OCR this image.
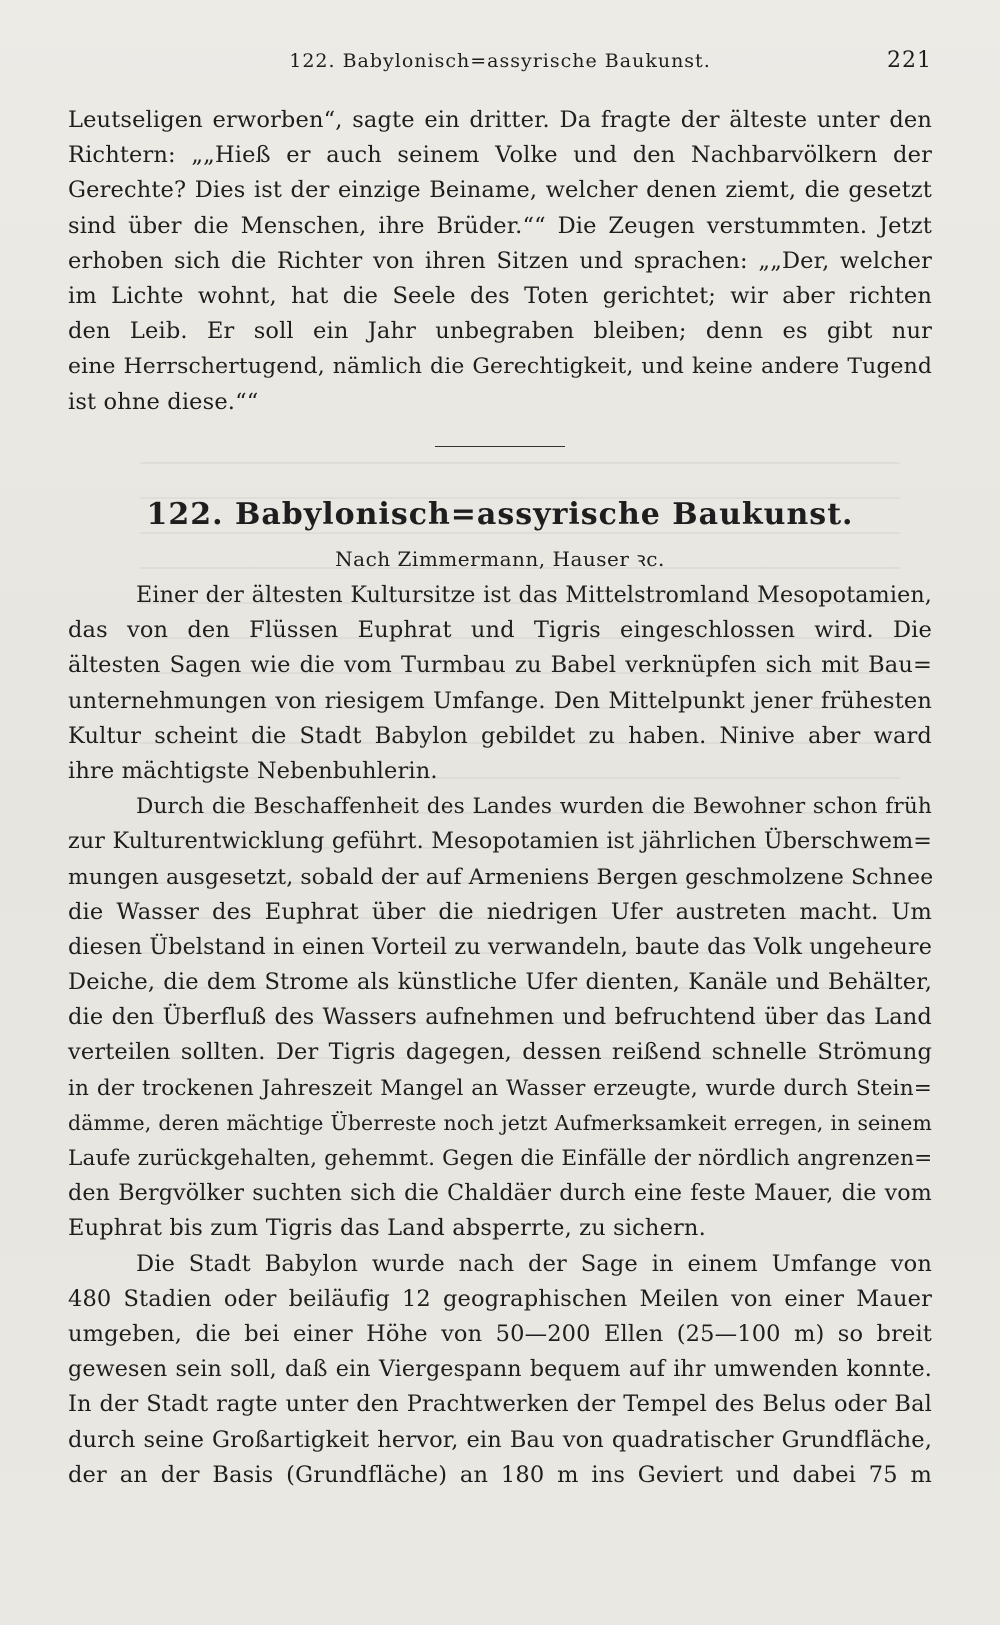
122. Babylonisch=assyrische Baukunst.	221
Leutseligen erworben“, sagte ein dritter. Da fragte der älteste unter den
Richtern: „„Hieß er auch seinem Volke und den Nachbarvölkern der
Gerechte? Dies ist der einzige Beiname, welcher denen ziemt, die gesetzt
sind über die Menschen, ihre Brüder.““ Die Zeugen verstummten. Jetzt
erhoben sich die Richter von ihren Sitzen und sprachen: „„Der, welcher
im Lichte wohnt, hat die Seele des Toten gerichtet; wir aber richten
den Leib. Er soll ein Jahr unbegraben bleiben; denn es gibt nur
eine Herrschertugend, nämlich die Gerechtigkeit, und keine andere Tugend
ist ohne diese.““
122. Babylonisch=assyrische Baukunst.
Nach Zimmermann, Hauser ꝛc.
Einer der ältesten Kultursitze ist das Mittelstromland Mesopotamien,
das von den Flüssen Euphrat und Tigris eingeschlossen wird. Die
ältesten Sagen wie die vom Turmbau zu Babel verknüpfen sich mit Bau=
unternehmungen von riesigem Umfange. Den Mittelpunkt jener frühesten
Kultur scheint die Stadt Babylon gebildet zu haben. Ninive aber ward
ihre mächtigste Nebenbuhlerin.
Durch die Beschaffenheit des Landes wurden die Bewohner schon früh
zur Kulturentwicklung geführt. Mesopotamien ist jährlichen Überschwem=
mungen ausgesetzt, sobald der auf Armeniens Bergen geschmolzene Schnee
die Wasser des Euphrat über die niedrigen Ufer austreten macht. Um
diesen Übelstand in einen Vorteil zu verwandeln, baute das Volk ungeheure
Deiche, die dem Strome als künstliche Ufer dienten, Kanäle und Behälter,
die den Überfluß des Wassers aufnehmen und befruchtend über das Land
verteilen sollten. Der Tigris dagegen, dessen reißend schnelle Strömung
in der trockenen Jahreszeit Mangel an Wasser erzeugte, wurde durch Stein=
dämme, deren mächtige Überreste noch jetzt Aufmerksamkeit erregen, in seinem
Laufe zurückgehalten, gehemmt. Gegen die Einfälle der nördlich angrenzen=
den Bergvölker suchten sich die Chaldäer durch eine feste Mauer, die vom
Euphrat bis zum Tigris das Land absperrte, zu sichern.
Die Stadt Babylon wurde nach der Sage in einem Umfange von
480 Stadien oder beiläufig 12 geographischen Meilen von einer Mauer
umgeben, die bei einer Höhe von 50—200 Ellen (25—100 m) so breit
gewesen sein soll, daß ein Viergespann bequem auf ihr umwenden konnte.
In der Stadt ragte unter den Prachtwerken der Tempel des Belus oder Bal
durch seine Großartigkeit hervor, ein Bau von quadratischer Grundfläche,
der an der Basis (Grundfläche) an 180 m ins Geviert und dabei 75 m
